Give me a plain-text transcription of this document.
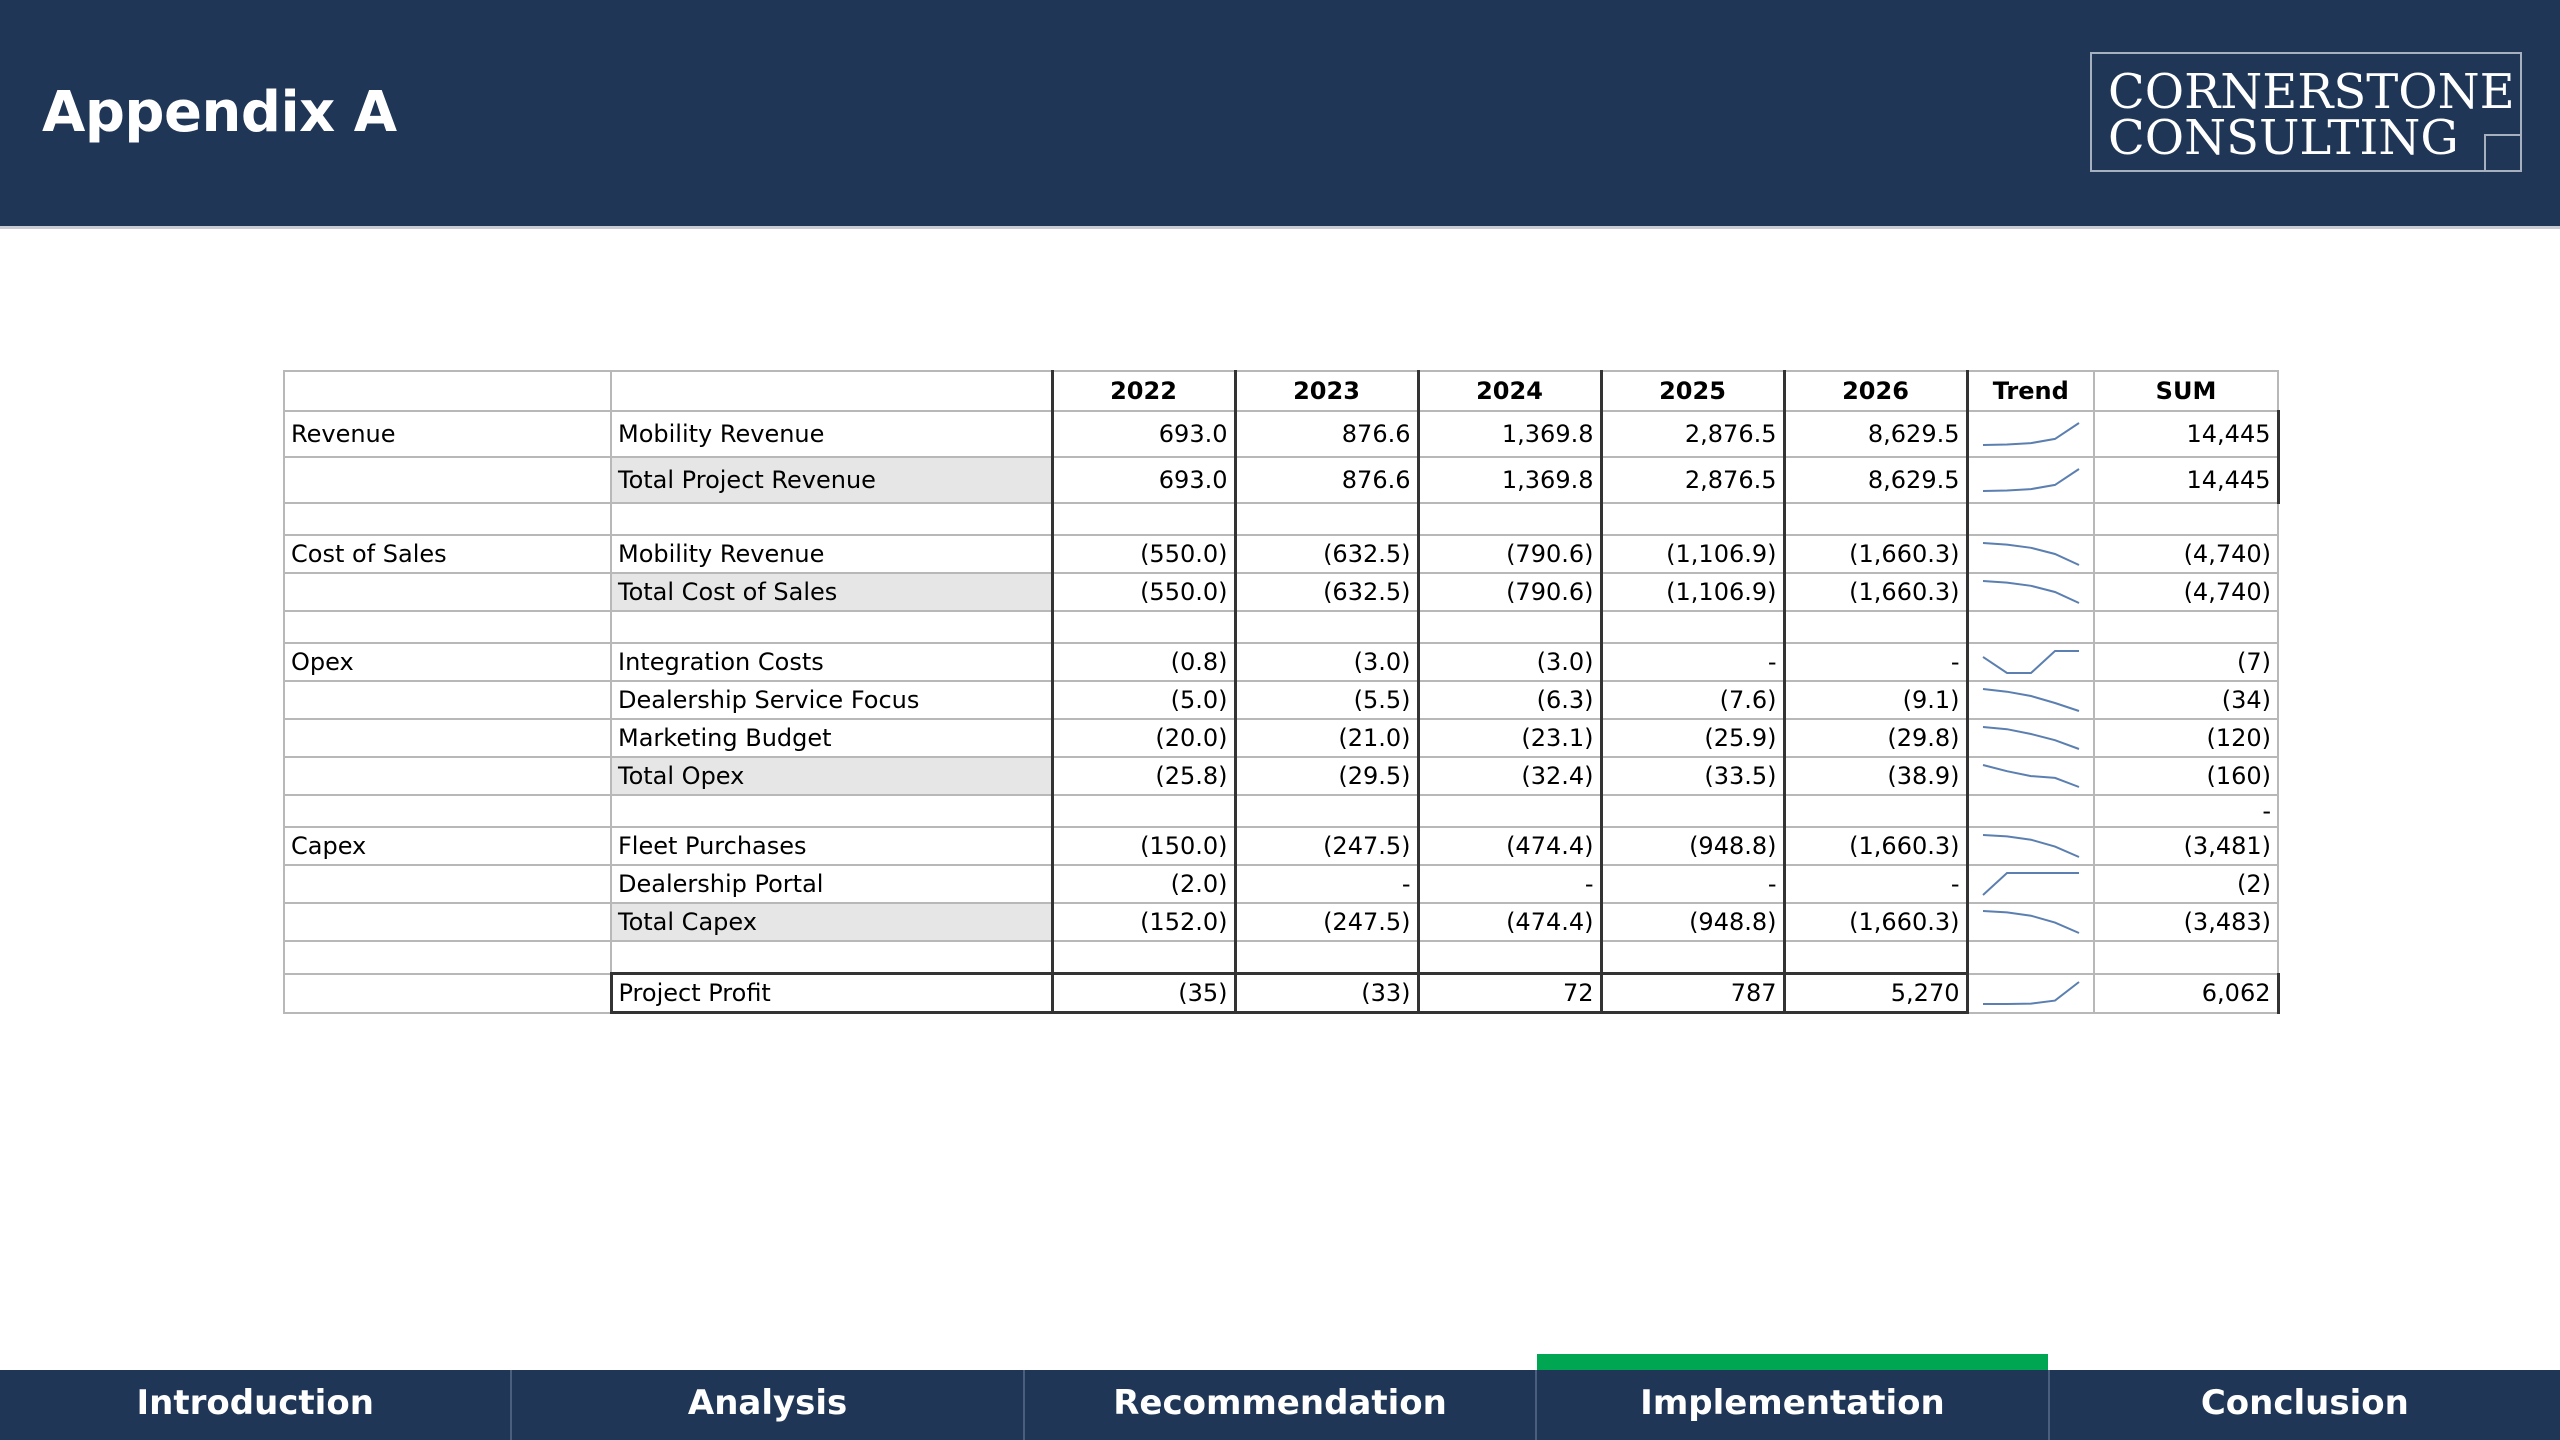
Appendix A	CORNERSTONE
CONSULTING
		2022	2023	2024	2025	2026	Trend	SUM
Revenue	Mobility Revenue	693.0	876.6	1,369.8	2,876.5	8,629.5		14,445
	Total Project Revenue	693.0	876.6	1,369.8	2,876.5	8,629.5		14,445

Cost of Sales	Mobility Revenue	(550.0)	(632.5)	(790.6)	(1,106.9)	(1,660.3)		(4,740)
	Total Cost of Sales	(550.0)	(632.5)	(790.6)	(1,106.9)	(1,660.3)		(4,740)

Opex	Integration Costs	(0.8)	(3.0)	(3.0)	-	-		(7)
	Dealership Service Focus	(5.0)	(5.5)	(6.3)	(7.6)	(9.1)		(34)
	Marketing Budget	(20.0)	(21.0)	(23.1)	(25.9)	(29.8)		(120)
	Total Opex	(25.8)	(29.5)	(32.4)	(33.5)	(38.9)		(160)
								-
Capex	Fleet Purchases	(150.0)	(247.5)	(474.4)	(948.8)	(1,660.3)		(3,481)
	Dealership Portal	(2.0)	-	-	-	-		(2)
	Total Capex	(152.0)	(247.5)	(474.4)	(948.8)	(1,660.3)		(3,483)

	Project Profit	(35)	(33)	72	787	5,270		6,062
Introduction	Analysis	Recommendation	Implementation	Conclusion
